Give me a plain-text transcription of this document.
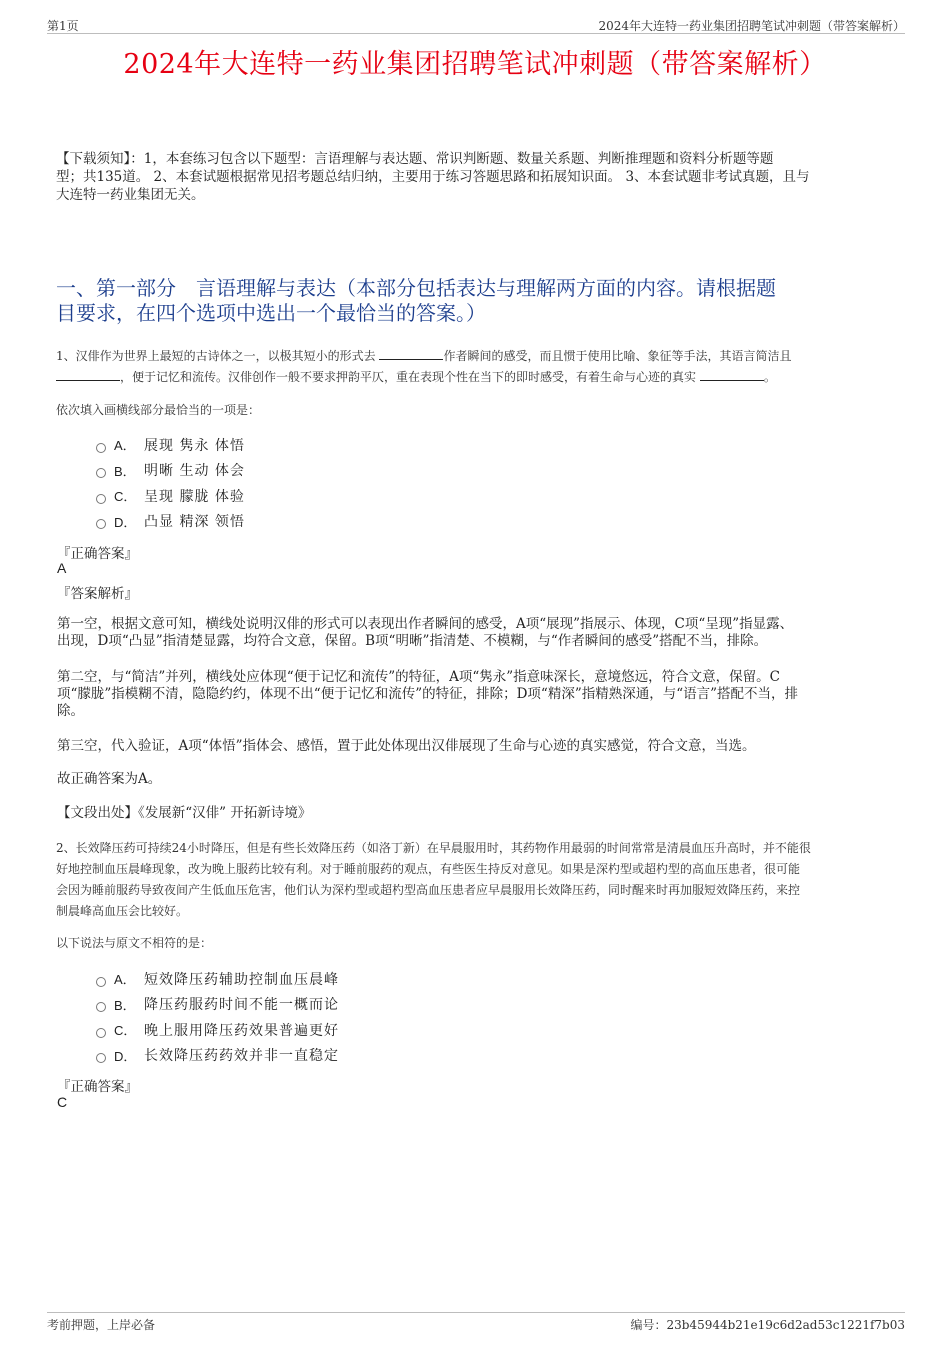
第1页	2024年大连特一药业集团招聘笔试冲刺题（带答案解析）
2024年大连特一药业集团招聘笔试冲刺题（带答案解析）
【下载须知】：1，本套练习包含以下题型：言语理解与表达题、常识判断题、数量关系题、判断推理题和资料分析题等题
型；共135道。 2、本套试题根据常见招考题总结归纳，主要用于练习答题思路和拓展知识面。 3、本套试题非考试真题，且与
大连特一药业集团无关。
一、第一部分　言语理解与表达（本部分包括表达与理解两方面的内容。请根据题
目要求，在四个选项中选出一个最恰当的答案。）
1、汉俳作为世界上最短的古诗体之一，以极其短小的形式去	作者瞬间的感受，而且惯于使用比喻、象征等手法，其语言简洁且
，便于记忆和流传。汉俳创作一般不要求押韵平仄，重在表现个性在当下的即时感受，有着生命与心迹的真实	。
依次填入画横线部分最恰当的一项是：
A． 展现 隽永 体悟
B． 明晰 生动 体会
C． 呈现 朦胧 体验
D． 凸显 精深 领悟
『正确答案』
A
『答案解析』
第一空，根据文意可知，横线处说明汉俳的形式可以表现出作者瞬间的感受，A项“展现”指展示、体现，C项“呈现”指显露、
出现，D项“凸显”指清楚显露，均符合文意，保留。B项“明晰”指清楚、不模糊，与“作者瞬间的感受”搭配不当，排除。
第二空，与“简洁”并列，横线处应体现“便于记忆和流传”的特征，A项“隽永”指意味深长，意境悠远，符合文意，保留。C
项“朦胧”指模糊不清，隐隐约约，体现不出“便于记忆和流传”的特征，排除；D项“精深”指精熟深通，与“语言”搭配不当，排
除。
第三空，代入验证，A项“体悟”指体会、感悟，置于此处体现出汉俳展现了生命与心迹的真实感觉，符合文意，当选。
故正确答案为A。
【文段出处】《发展新“汉俳” 开拓新诗境》
2、长效降压药可持续24小时降压，但是有些长效降压药（如洛丁新）在早晨服用时，其药物作用最弱的时间常常是清晨血压升高时，并不能很
好地控制血压晨峰现象，改为晚上服药比较有利。对于睡前服药的观点，有些医生持反对意见。如果是深杓型或超杓型的高血压患者，很可能
会因为睡前服药导致夜间产生低血压危害，他们认为深杓型或超杓型高血压患者应早晨服用长效降压药，同时醒来时再加服短效降压药，来控
制晨峰高血压会比较好。
以下说法与原文不相符的是：
A． 短效降压药辅助控制血压晨峰
B． 降压药服药时间不能一概而论
C． 晚上服用降压药效果普遍更好
D． 长效降压药药效并非一直稳定
『正确答案』
C
考前押题，上岸必备	编号：23b45944b21e19c6d2ad53c1221f7b03
